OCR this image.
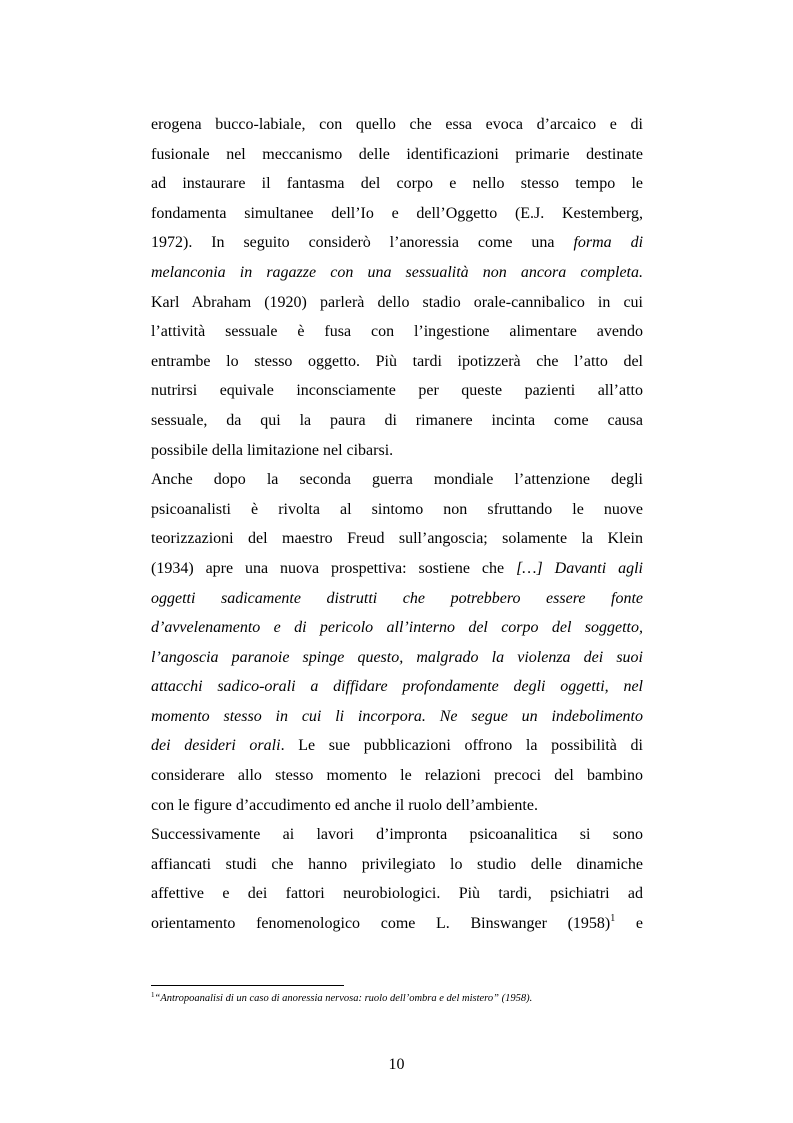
erogena bucco-labiale, con quello che essa evoca d’arcaico e di
fusionale nel meccanismo delle identificazioni primarie destinate
ad instaurare il fantasma del corpo e nello stesso tempo le
fondamenta simultanee dell’Io e dell’Oggetto (E.J. Kestemberg,
1972). In seguito considerò l’anoressia come una forma di
melanconia in ragazze con una sessualità non ancora completa.
Karl Abraham (1920) parlerà dello stadio orale-cannibalico in cui
l’attività sessuale è fusa con l’ingestione alimentare avendo
entrambe lo stesso oggetto. Più tardi ipotizzerà che l’atto del
nutrirsi equivale inconsciamente per queste pazienti all’atto
sessuale, da qui la paura di rimanere incinta come causa
possibile della limitazione nel cibarsi.
Anche dopo la seconda guerra mondiale l’attenzione degli
psicoanalisti è rivolta al sintomo non sfruttando le nuove
teorizzazioni del maestro Freud sull’angoscia; solamente la Klein
(1934) apre una nuova prospettiva: sostiene che […] Davanti agli
oggetti sadicamente distrutti che potrebbero essere fonte
d’avvelenamento e di pericolo all’interno del corpo del soggetto,
l’angoscia paranoie spinge questo, malgrado la violenza dei suoi
attacchi sadico-orali a diffidare profondamente degli oggetti, nel
momento stesso in cui li incorpora. Ne segue un indebolimento
dei desideri orali. Le sue pubblicazioni offrono la possibilità di
considerare allo stesso momento le relazioni precoci del bambino
con le figure d’accudimento ed anche il ruolo dell’ambiente.
Successivamente ai lavori d’impronta psicoanalitica si sono
affiancati studi che hanno privilegiato lo studio delle dinamiche
affettive e dei fattori neurobiologici. Più tardi, psichiatri ad
orientamento fenomenologico come L. Binswanger $(1958)^1$ e
$^1$“Antropoanalisi di un caso di anoressia nervosa: ruolo dell’ombra e del mistero” (1958).
10
